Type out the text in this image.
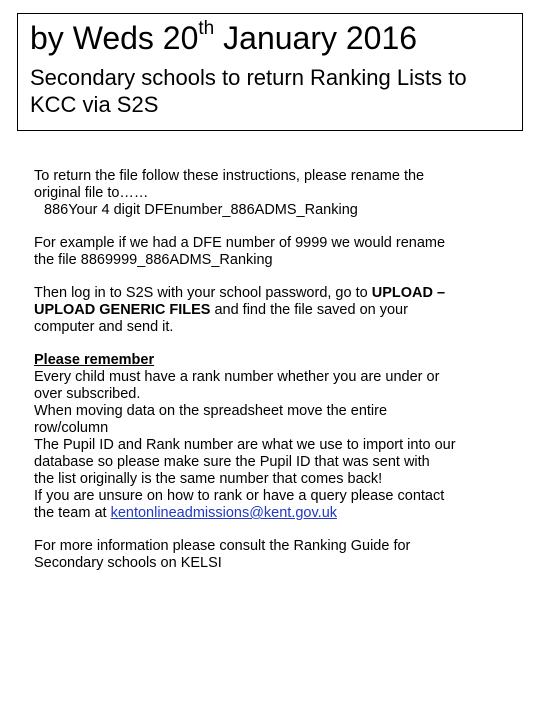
by Weds 20th January 2016

Secondary schools to return Ranking Lists to
KCC via S2S

To return the file follow these instructions, please rename the
original file to……
886Your 4 digit DFEnumber_886ADMS_Ranking

For example if we had a DFE number of 9999 we would rename
the file 8869999_886ADMS_Ranking

Then log in to S2S with your school password, go to UPLOAD –
UPLOAD GENERIC FILES and find the file saved on your
computer and send it.

Please remember

Every child must have a rank number whether you are under or
over subscribed.

When moving data on the spreadsheet move the entire
row/column

The Pupil ID and Rank number are what we use to import into our
database so please make sure the Pupil ID that was sent with
the list originally is the same number that comes back!

If you are unsure on how to rank or have a query please contact
the team at kentonlineadmissions@kent.gov.uk

For more information please consult the Ranking Guide for
Secondary schools on KELSI
